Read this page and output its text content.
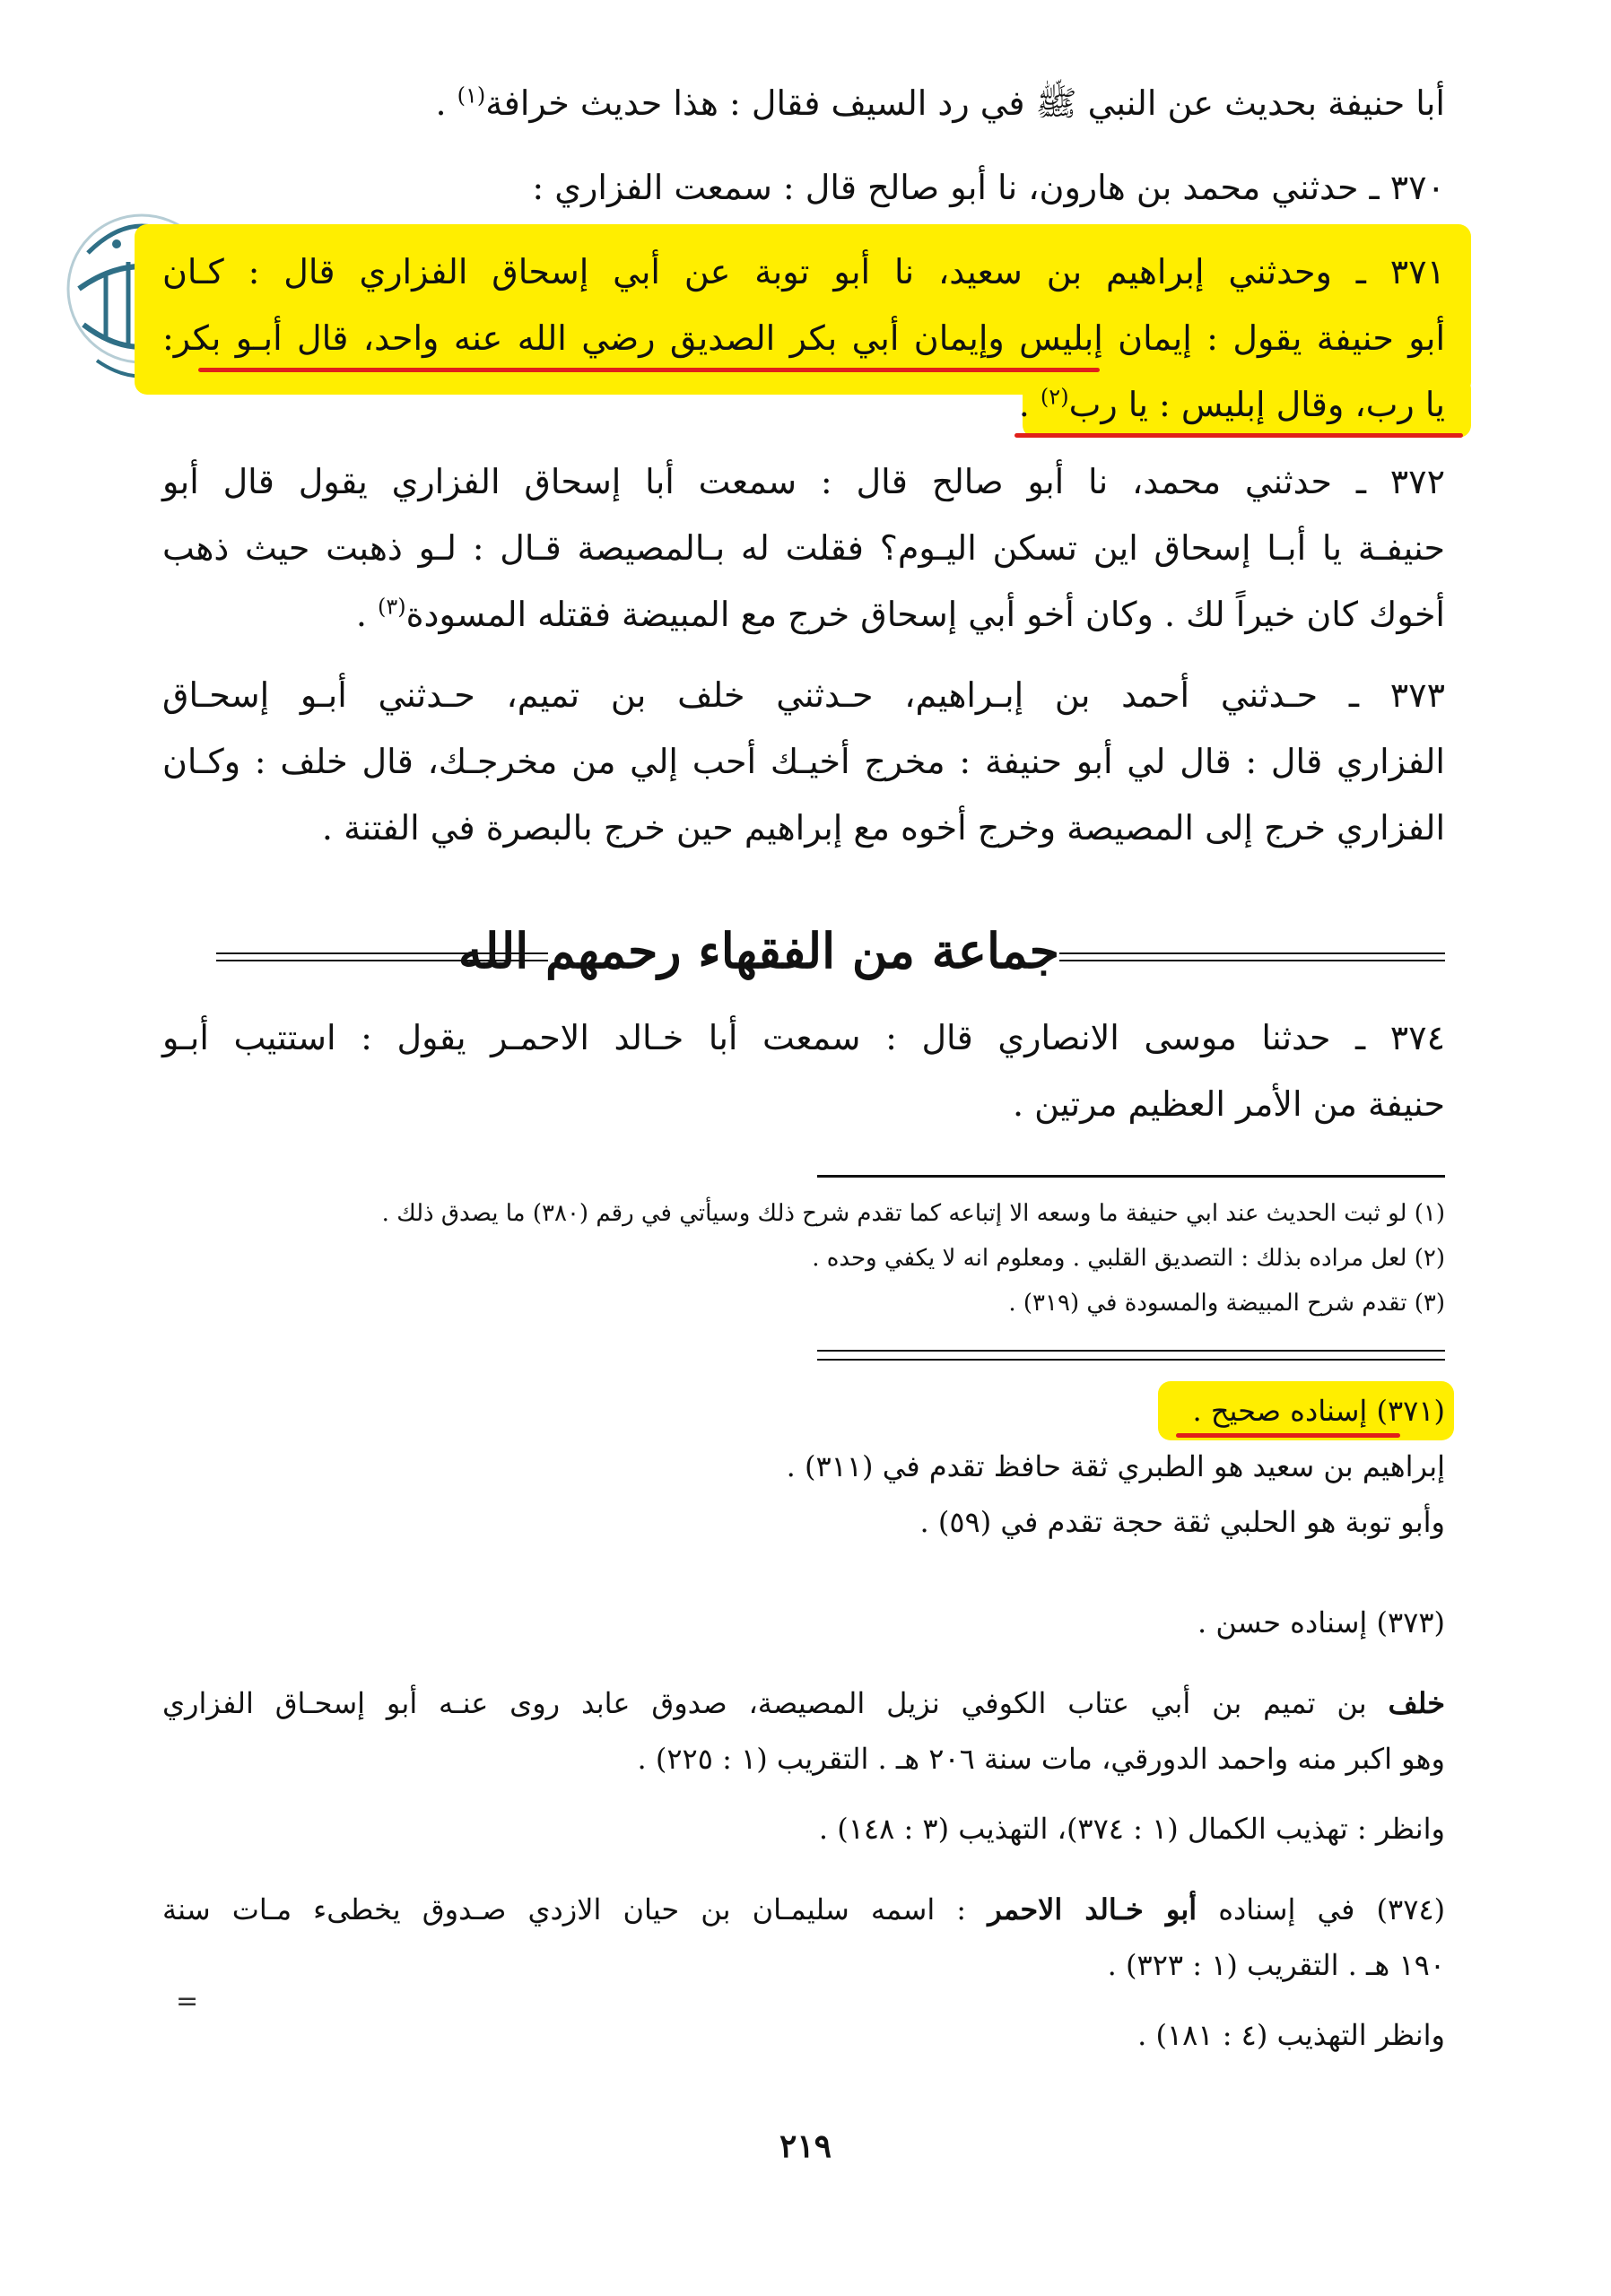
أبا حنيفة بحديث عن النبي ﷺ في رد السيف فقال : هذا حديث خرافة$^{(١)}$ .
٣٧٠ ـ حدثني محمد بن هارون، نا أبو صالح قال : سمعت الفزاري :
٣٧١ ـ وحدثني إبراهيم بن سعيد، نا أبو توبة عن أبي إسحاق الفزاري قال : كـان
أبو حنيفة يقول : إيمان إبليس وإيمان أبي بكر الصديق رضي الله عنه واحد، قال أبـو بكر:
يا رب، وقال إبليس : يا رب$^{(٢)}$ .
٣٧٢ ـ حدثني محمد، نا أبو صالح قال : سمعت أبا إسحاق الفزاري يقول قال أبو
حنيفـة يا أبـا إسحاق اين تسكن اليـوم؟ فقلت له بـالمصيصة قـال : لـو ذهبت حيث ذهب
أخوك كان خيراً لك . وكان أخو أبي إسحاق خرج مع المبيضة فقتله المسودة$^{(٣)}$ .
٣٧٣ ـ حـدثني أحمد بن إبـراهيم، حـدثني خلف بن تميم، حـدثني أبـو إسحـاق
الفزاري قال : قال لي أبو حنيفة : مخرج أخيـك أحب إلي من مخرجـك، قال خلف : وكـان
الفزاري خرج إلى المصيصة وخرج أخوه مع إبراهيم حين خرج بالبصرة في الفتنة .
جماعة من الفقهاء رحمهم الله
٣٧٤ ـ حدثنا موسى الانصاري قال : سمعت أبا خـالد الاحمـر يقول : استتيب أبـو
حنيفة من الأمر العظيم مرتين .
(١) لو ثبت الحديث عند ابي حنيفة ما وسعه الا إتباعه كما تقدم شرح ذلك وسيأتي في رقم (٣٨٠) ما يصدق ذلك .
(٢) لعل مراده بذلك : التصديق القلبي . ومعلوم انه لا يكفي وحده .
(٣) تقدم شرح المبيضة والمسودة في (٣١٩) .
(٣٧١) إسناده صحيح .
إبراهيم بن سعيد هو الطبري ثقة حافظ تقدم في (٣١١) .
وأبو توبة هو الحلبي ثقة حجة تقدم في (٥٩) .
(٣٧٣) إسناده حسن .
خلف بن تميم بن أبي عتاب الكوفي نزيل المصيصة، صدوق عابد روى عنـه أبو إسحـاق الفزاري
وهو اكبر منه واحمد الدورقي، مات سنة ٢٠٦ هـ . التقريب (١ : ٢٢٥) .
وانظر : تهذيب الكمال (١ : ٣٧٤)، التهذيب (٣ : ١٤٨) .
(٣٧٤) في إسناده أبو خـالد الاحمر : اسمه سليمـان بن حيان الازدي صـدوق يخطىء مـات سنة
١٩٠ هـ . التقريب (١ : ٣٢٣) .
وانظر التهذيب (٤ : ١٨١) .
=
٢١٩
